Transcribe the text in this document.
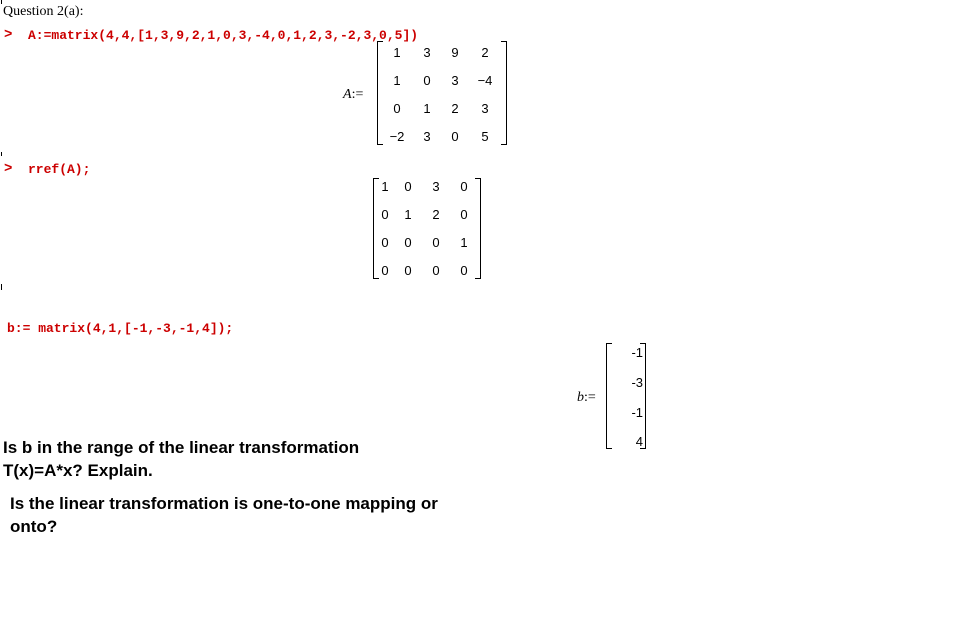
Question 2(a):
> A:=matrix(4,4,[1,3,9,2,1,0,3,-4,0,1,2,3,-2,3,0,5])
A:=
1	3	9	2
1	0	3	−4
0	1	2	3
−2	3	0	5
> rref(A);
1	0	3	0
0	1	2	0
0	0	0	1
0	0	0	0
b:= matrix(4,1,[-1,-3,-1,4]);
b:=
-1
-3
-1
4
Is b in the range of the linear transformation
T(x)=A*x? Explain.
Is the linear transformation is one-to-one mapping or
onto?
